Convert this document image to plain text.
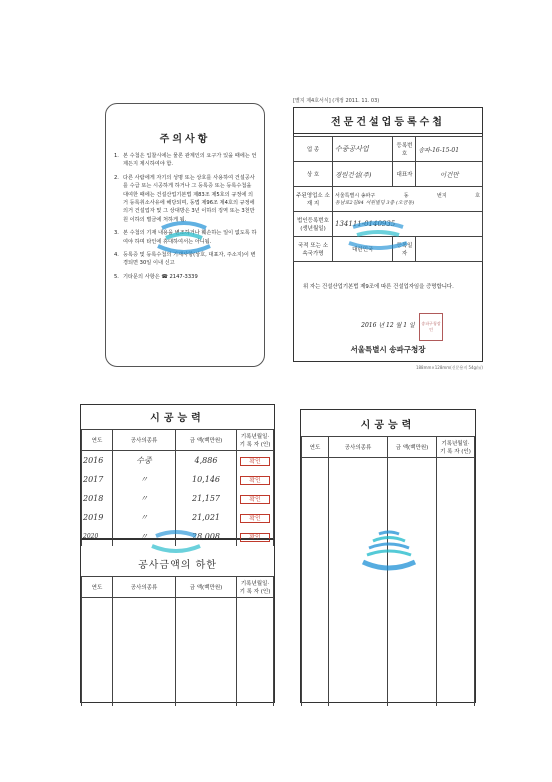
주의사항
1. 본 수첩은 입찰시에는 물론 관계인의 요구가 있을 때에는 언제든지 제시하여야 함.
2. 다른 사람에게 자기의 성명 또는 상호를 사용하여 건설공사를 수급 또는 시공하게 하거나 그 등록증 또는 등록수첩을 대여한 때에는 건설산업기본법 제83조 제5호의 규정에 의거 등록취소사유에 해당되며, 동법 제96조 제4호의 규정에 의거 건설업자 및 그 상대방은 3년 이하의 징역 또는 3천만원 이하의 벌금에 처하게 됨.
3. 본 수첩의 기재 내용을 변조하거나 훼손하는 일이 없도록 하여야 하며 타인에 휴대하여서는 아니됨.
4. 등록증 및 등록수첩의 기재사항(상호, 대표자, 주소지)이 변경되면 30일 이내 신고
5. 기타문의 사항은 ☎ 2147-3339
[별지 제4호서식] (개정 2011. 11. 03)
전문건설업등록수첩
업 종	수중공사업	등록번호	송파-16-15-01
상 호	경원건설(주)	대표자	이건만
주된영업소 소 재 지	서울특별시 송파구 동 번지 호
동남로2길84 서원빌딩 3층 (오금동)		

법인등록번호 (생년월일)	134111-0140935		
국적 또는 소속국가명	대한민국	등록일자	
위 자는 건설산업기본법 제9조에 따른 건설업자임을 증명합니다.
2016 년 12 월 1 일	송파구청장인
서울특별시 송파구청장
188mm×128mm(신문용지 54g/㎡)
시공능력
연도	공사의종류	금 액(백만원)	기록년월일· 기 록 자 (인)
2016	수중	4,886	확인
2017	〃	10,146	확인
2018	〃	21,157	확인
2019	〃	21,021	확인
2020	〃	28,008	확인
공사금액의 하한
연도	공사의종류	금 액(백만원)	기록년월일· 기 록 자 (인)

시공능력
연도	공사의종류	금 액(백만원)	기록년월일· 기 록 자 (인)
